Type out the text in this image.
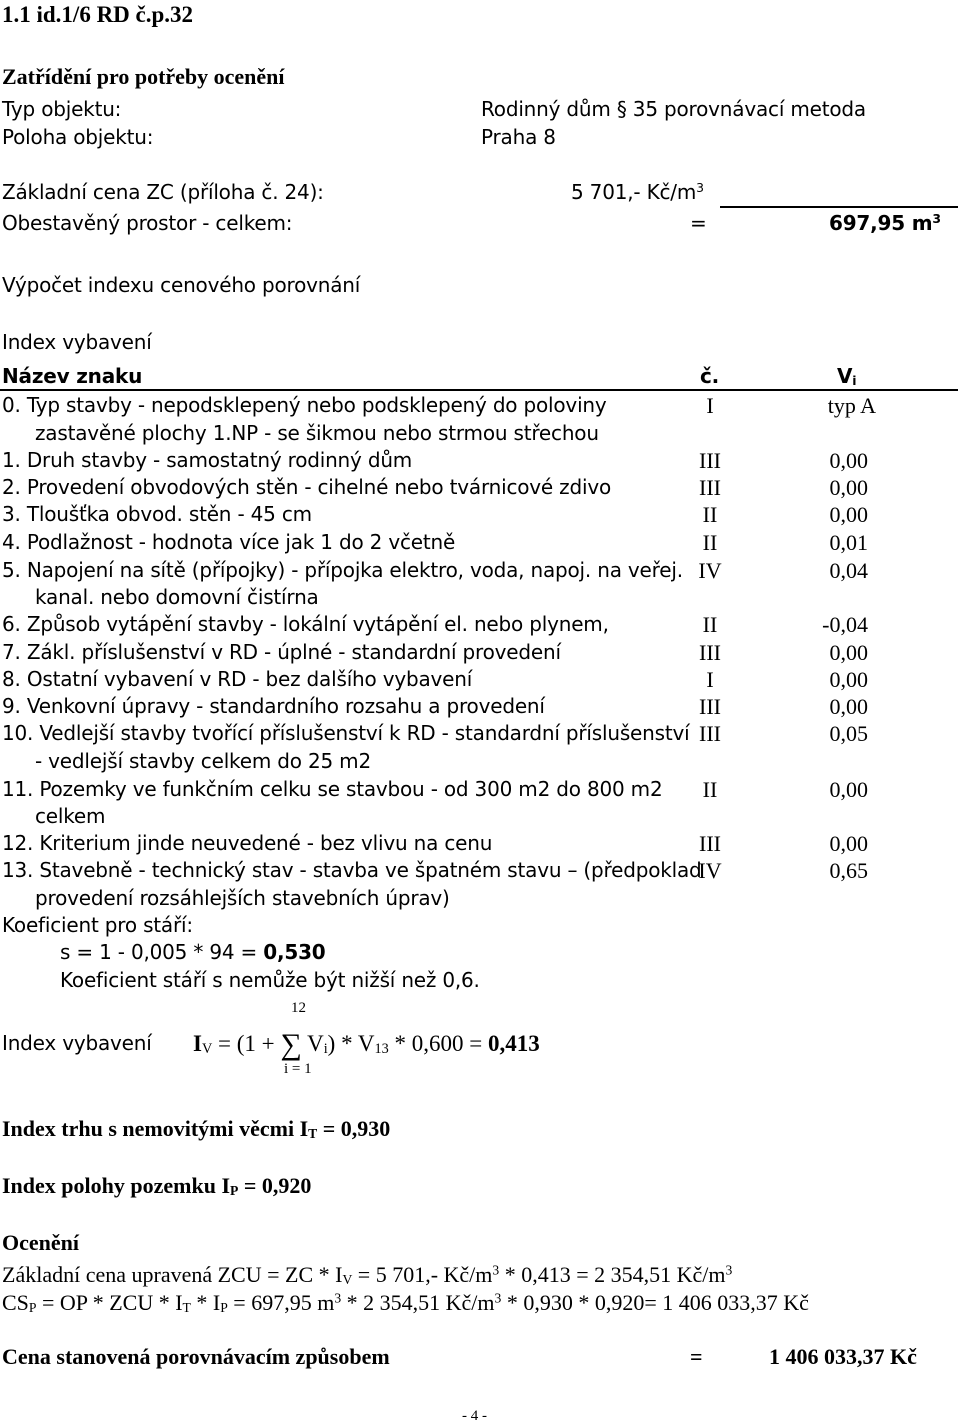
1.1 id.1/6 RD č.p.32
Zatřídění pro potřeby ocenění
Typ objektu:	Rodinný dům § 35 porovnávací metoda
Poloha objektu:	Praha 8
Základní cena ZC (příloha č. 24):	5 701,- $Kč/m^3$
Obestavěný prostor - celkem:	=	697,95 $m^3$
Výpočet indexu cenového porovnání
Index vybavení
Název znaku	č.	Vi
0. Typ stavby - nepodsklepený nebo podsklepený do poloviny
zastavěné plochy 1.NP - se šikmou nebo strmou střechou
I	typ A
1. Druh stavby - samostatný rodinný dům	III	0,00
2. Provedení obvodových stěn - cihelné nebo tvárnicové zdivo	III	0,00
3. Tloušťka obvod. stěn - 45 cm	II	0,00
4. Podlažnost - hodnota více jak 1 do 2 včetně	II	0,01
5. Napojení na sítě (přípojky) - přípojka elektro, voda, napoj. na veřej.
kanal. nebo domovní čistírna
IV	0,04
6. Způsob vytápění stavby - lokální vytápění el. nebo plynem,	II	-0,04
7. Zákl. příslušenství v RD - úplné - standardní provedení	III	0,00
8. Ostatní vybavení v RD - bez dalšího vybavení	I	0,00
9. Venkovní úpravy - standardního rozsahu a provedení	III	0,00
10. Vedlejší stavby tvořící příslušenství k RD - standardní příslušenství
- vedlejší stavby celkem do 25 m2
III	0,05
11. Pozemky ve funkčním celku se stavbou - od 300 m2 do 800 m2
celkem
II	0,00
12. Kriterium jinde neuvedené - bez vlivu na cenu	III	0,00
13. Stavebně - technický stav - stavba ve špatném stavu – (předpoklad
provedení rozsáhlejších stavebních úprav)
IV	0,65
Koeficient pro stáří:
s = 1 - 0,005 * 94 = 0,530
Koeficient stáří s nemůže být nižší než 0,6.
12
Index vybavení IV = (1 + ∑ Vi) * V13 * 0,600 = 0,413
i = 1
Index trhu s nemovitými věcmi IT = 0,930
Index polohy pozemku IP = 0,920
Ocenění
Základní cena upravená ZCU = ZC * IV = 5 701,- $Kč/m^3 * 0,413 = 2$ 354,51 $Kč/m^3$
CSP = OP * ZCU * IT * IP = 697,95 $m^3 * 2$ 354,51 $Kč/m^3 * 0,930 * 0,920= 1$ 406 033,37 Kč
Cena stanovená porovnávacím způsobem	=	1 406 033,37 Kč
- 4 -
